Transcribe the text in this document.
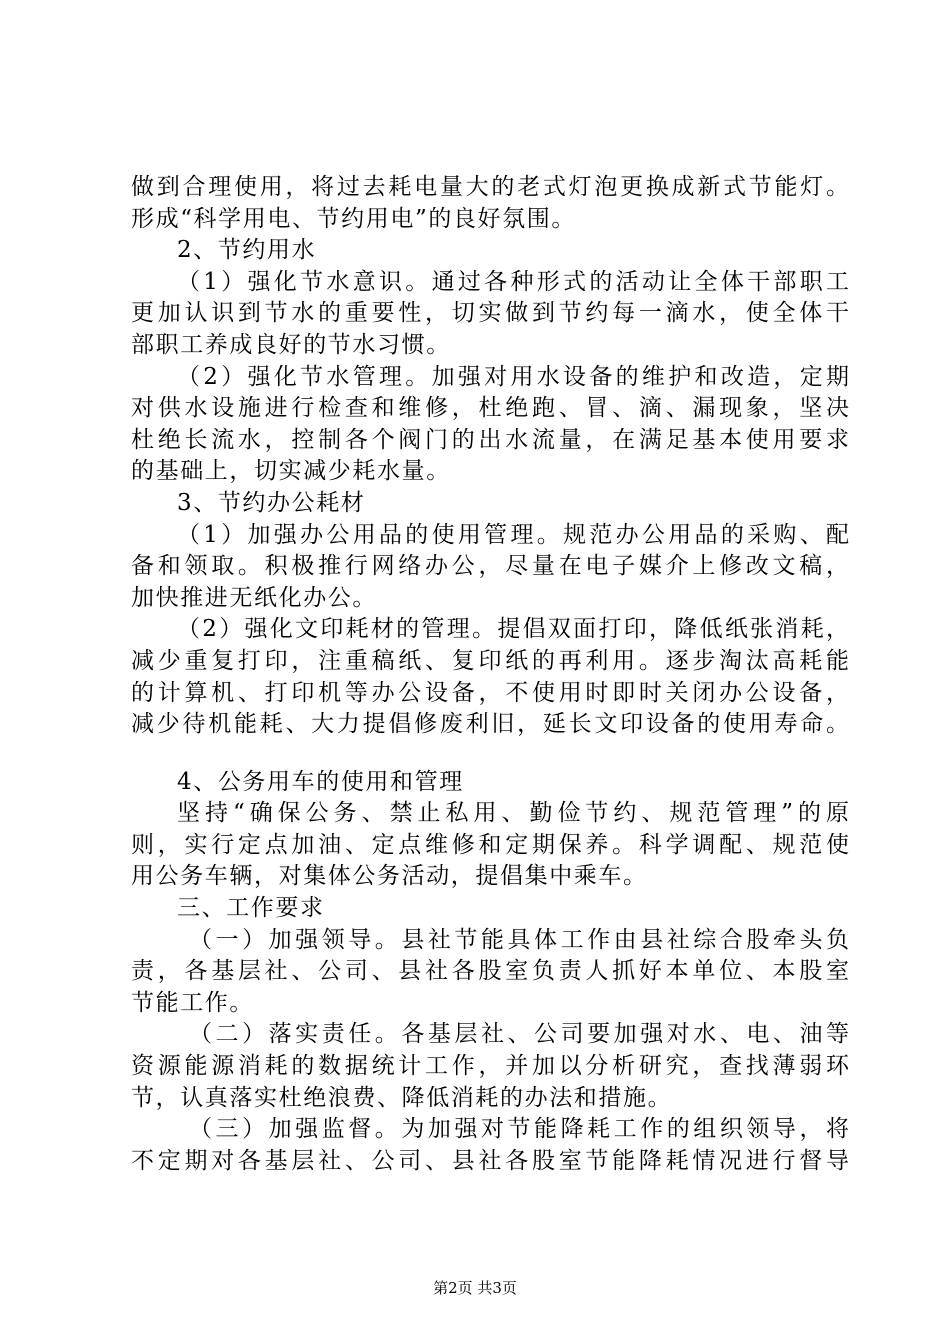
做到合理使用，将过去耗电量大的老式灯泡更换成新式节能灯。
形成“科学用电、节约用电”的良好氛围。
2、节约用水
（1）强化节水意识。通过各种形式的活动让全体干部职工
更加认识到节水的重要性，切实做到节约每一滴水，使全体干
部职工养成良好的节水习惯。
（2）强化节水管理。加强对用水设备的维护和改造，定期
对供水设施进行检查和维修，杜绝跑、冒、滴、漏现象，坚决
杜绝长流水，控制各个阀门的出水流量，在满足基本使用要求
的基础上，切实减少耗水量。
3、节约办公耗材
（1）加强办公用品的使用管理。规范办公用品的采购、配
备和领取。积极推行网络办公，尽量在电子媒介上修改文稿，
加快推进无纸化办公。
（2）强化文印耗材的管理。提倡双面打印，降低纸张消耗，
减少重复打印，注重稿纸、复印纸的再利用。逐步淘汰高耗能
的计算机、打印机等办公设备，不使用时即时关闭办公设备，
减少待机能耗、大力提倡修废利旧，延长文印设备的使用寿命。
4、公务用车的使用和管理
坚持“确保公务、禁止私用、勤俭节约、规范管理”的原
则，实行定点加油、定点维修和定期保养。科学调配、规范使
用公务车辆，对集体公务活动，提倡集中乘车。
三、工作要求
（一）加强领导。县社节能具体工作由县社综合股牵头负
责，各基层社、公司、县社各股室负责人抓好本单位、本股室
节能工作。
（二）落实责任。各基层社、公司要加强对水、电、油等
资源能源消耗的数据统计工作，并加以分析研究，查找薄弱环
节，认真落实杜绝浪费、降低消耗的办法和措施。
（三）加强监督。为加强对节能降耗工作的组织领导，将
不定期对各基层社、公司、县社各股室节能降耗情况进行督导
第2页 共3页
